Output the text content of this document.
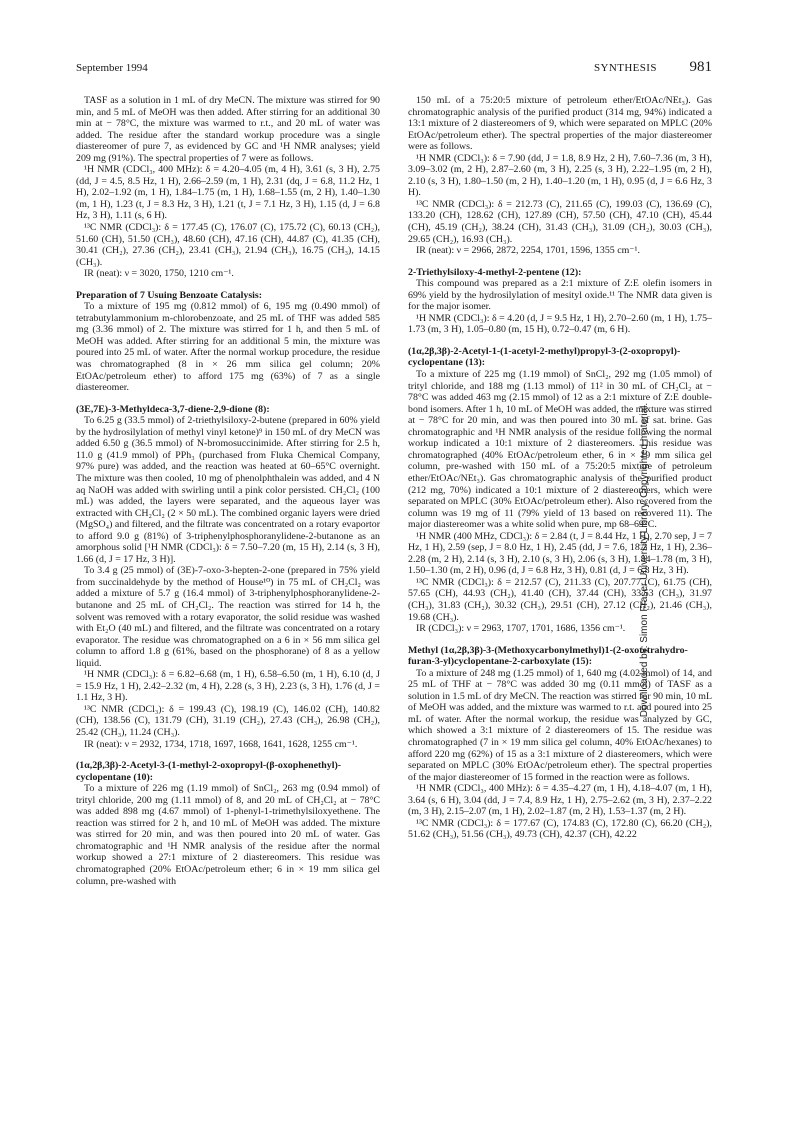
September 1994	SYNTHESIS 981

TASF as a solution in 1 mL of dry MeCN. The mixture was stirred for 90 min, and 5 mL of MeOH was then added. After stirring for an additional 30 min at − 78°C, the mixture was warmed to r.t., and 20 mL of water was added. The residue after the standard workup procedure was a single diastereomer of pure 7, as evidenced by GC and ¹H NMR analyses; yield 209 mg (91%). The spectral properties of 7 were as follows.

¹H NMR (CDCl₃, 400 MHz): δ = 4.20–4.05 (m, 4 H), 3.61 (s, 3 H), 2.75 (dd, J = 4.5, 8.5 Hz, 1 H), 2.66–2.59 (m, 1 H), 2.31 (dq, J = 6.8, 11.2 Hz, 1 H), 2.02–1.92 (m, 1 H), 1.84–1.75 (m, 1 H), 1.68–1.55 (m, 2 H), 1.40–1.30 (m, 1 H), 1.23 (t, J = 8.3 Hz, 3 H), 1.21 (t, J = 7.1 Hz, 3 H), 1.15 (d, J = 6.8 Hz, 3 H), 1.11 (s, 6 H).

¹³C NMR (CDCl₃): δ = 177.45 (C), 176.07 (C), 175.72 (C), 60.13 (CH₂), 51.60 (CH), 51.50 (CH₃), 48.60 (CH), 47.16 (CH), 44.87 (C), 41.35 (CH), 30.41 (CH₂), 27.36 (CH₂), 23.41 (CH₃), 21.94 (CH₃), 16.75 (CH₃), 14.15 (CH₃).

IR (neat): ν = 3020, 1750, 1210 cm⁻¹.

Preparation of 7 Usuing Benzoate Catalysis:

To a mixture of 195 mg (0.812 mmol) of 6, 195 mg (0.490 mmol) of tetrabutylammonium m-chlorobenzoate, and 25 mL of THF was added 585 mg (3.36 mmol) of 2. The mixture was stirred for 1 h, and then 5 mL of MeOH was added. After stirring for an additional 5 min, the mixture was poured into 25 mL of water. After the normal workup procedure, the residue was chromatographed (8 in × 26 mm silica gel column; 20% EtOAc/petroleum ether) to afford 175 mg (63%) of 7 as a single diastereomer.

(3E,7E)-3-Methyldeca-3,7-diene-2,9-dione (8):

To 6.25 g (33.5 mmol) of 2-triethylsiloxy-2-butene (prepared in 60% yield by the hydrosilylation of methyl vinyl ketone)⁹ in 150 mL of dry MeCN was added 6.50 g (36.5 mmol) of N-bromosuccinimide. After stirring for 2.5 h, 11.0 g (41.9 mmol) of PPh₃ (purchased from Fluka Chemical Company, 97% pure) was added, and the reaction was heated at 60–65°C overnight. The mixture was then cooled, 10 mg of phenolphthalein was added, and 4 N aq NaOH was added with swirling until a pink color persisted. CH₂Cl₂ (100 mL) was added, the layers were separated, and the aqueous layer was extracted with CH₂Cl₂ (2 × 50 mL). The combined organic layers were dried (MgSO₄) and filtered, and the filtrate was concentrated on a rotary evaportor to afford 9.0 g (81%) of 3-triphenylphosphoranylidene-2-butanone as an amorphous solid [¹H NMR (CDCl₃): δ = 7.50–7.20 (m, 15 H), 2.14 (s, 3 H), 1.66 (d, J = 17 Hz, 3 H)].

To 3.4 g (25 mmol) of (3E)-7-oxo-3-hepten-2-one (prepared in 75% yield from succinaldehyde by the method of House¹⁰) in 75 mL of CH₂Cl₂ was added a mixture of 5.7 g (16.4 mmol) of 3-triphenylphosphoranylidene-2-butanone and 25 mL of CH₂Cl₂. The reaction was stirred for 14 h, the solvent was removed with a rotary evaporator, the solid residue was washed with Et₂O (40 mL) and filtered, and the filtrate was concentrated on a rotary evaporator. The residue was chromatographed on a 6 in × 56 mm silica gel column to afford 1.8 g (61%, based on the phosphorane) of 8 as a yellow liquid.

¹H NMR (CDCl₃): δ = 6.82–6.68 (m, 1 H), 6.58–6.50 (m, 1 H), 6.10 (d, J = 15.9 Hz, 1 H), 2.42–2.32 (m, 4 H), 2.28 (s, 3 H), 2.23 (s, 3 H), 1.76 (d, J = 1.1 Hz, 3 H).

¹³C NMR (CDCl₃): δ = 199.43 (C), 198.19 (C), 146.02 (CH), 140.82 (CH), 138.56 (C), 131.79 (CH), 31.19 (CH₂), 27.43 (CH₃), 26.98 (CH₂), 25.42 (CH₃), 11.24 (CH₃).

IR (neat): ν = 2932, 1734, 1718, 1697, 1668, 1641, 1628, 1255 cm⁻¹.

(1α,2β,3β)-2-Acetyl-3-(1-methyl-2-oxopropyl-(β-oxophenethyl)-cyclopentane (10):

To a mixture of 226 mg (1.19 mmol) of SnCl₂, 263 mg (0.94 mmol) of trityl chloride, 200 mg (1.11 mmol) of 8, and 20 mL of CH₂Cl₂ at − 78°C was added 898 mg (4.67 mmol) of 1-phenyl-1-trimethylsiloxyethene. The reaction was stirred for 2 h, and 10 mL of MeOH was added. The mixture was stirred for 20 min, and was then poured into 20 mL of water. Gas chromatographic and ¹H NMR analysis of the residue after the normal workup showed a 27:1 mixture of 2 diastereomers. This residue was chromatographed (20% EtOAc/petroleum ether; 6 in × 19 mm silica gel column, pre-washed with

150 mL of a 75:20:5 mixture of petroleum ether/EtOAc/NEt₃). Gas chromatographic analysis of the purified product (314 mg, 94%) indicated a 13:1 mixture of 2 diastereomers of 9, which were separated on MPLC (20% EtOAc/petroleum ether). The spectral properties of the major diastereomer were as follows.

¹H NMR (CDCl₃): δ = 7.90 (dd, J = 1.8, 8.9 Hz, 2 H), 7.60–7.36 (m, 3 H), 3.09–3.02 (m, 2 H), 2.87–2.60 (m, 3 H), 2.25 (s, 3 H), 2.22–1.95 (m, 2 H), 2.10 (s, 3 H), 1.80–1.50 (m, 2 H), 1.40–1.20 (m, 1 H), 0.95 (d, J = 6.6 Hz, 3 H).

¹³C NMR (CDCl₃): δ = 212.73 (C), 211.65 (C), 199.03 (C), 136.69 (C), 133.20 (CH), 128.62 (CH), 127.89 (CH), 57.50 (CH), 47.10 (CH), 45.44 (CH), 45.19 (CH₂), 38.24 (CH), 31.43 (CH₃), 31.09 (CH₂), 30.03 (CH₃), 29.65 (CH₂), 16.93 (CH₃).

IR (neat): ν = 2966, 2872, 2254, 1701, 1596, 1355 cm⁻¹.

2-Triethylsiloxy-4-methyl-2-pentene (12):

This compound was prepared as a 2:1 mixture of Z:E olefin isomers in 69% yield by the hydrosilylation of mesityl oxide.¹¹ The NMR data given is for the major isomer.

¹H NMR (CDCl₃): δ = 4.20 (d, J = 9.5 Hz, 1 H), 2.70–2.60 (m, 1 H), 1.75–1.73 (m, 3 H), 1.05–0.80 (m, 15 H), 0.72–0.47 (m, 6 H).

(1α,2β,3β)-2-Acetyl-1-(1-acetyl-2-methyl)propyl-3-(2-oxopropyl)-cyclopentane (13):

To a mixture of 225 mg (1.19 mmol) of SnCl₂, 292 mg (1.05 mmol) of trityl chloride, and 188 mg (1.13 mmol) of 11² in 30 mL of CH₂Cl₂ at − 78°C was added 463 mg (2.15 mmol) of 12 as a 2:1 mixture of Z:E double-bond isomers. After 1 h, 10 mL of MeOH was added, the mixture was stirred at − 78°C for 20 min, and was then poured into 30 mL of sat. brine. Gas chromatographic and ¹H NMR analysis of the residue following the normal workup indicated a 10:1 mixture of 2 diastereomers. This residue was chromatographed (40% EtOAc/petroleum ether, 6 in × 19 mm silica gel column, pre-washed with 150 mL of a 75:20:5 mixture of petroleum ether/EtOAc/NEt₃). Gas chromatographic analysis of the purified product (212 mg, 70%) indicated a 10:1 mixture of 2 diastereomers, which were separated on MPLC (30% EtOAc/petroleum ether). Also recovered from the column was 19 mg of 11 (79% yield of 13 based on recovered 11). The major diastereomer was a white solid when pure, mp 68–69°C.

¹H NMR (400 MHz, CDCl₃): δ = 2.84 (t, J = 8.44 Hz, 1 H), 2.70 sep, J = 7 Hz, 1 H), 2.59 (sep, J = 8.0 Hz, 1 H), 2.45 (dd, J = 7.6, 18.2 Hz, 1 H), 2.36–2.28 (m, 2 H), 2.14 (s, 3 H), 2.10 (s, 3 H), 2.06 (s, 3 H), 1.84–1.78 (m, 3 H), 1.50–1.30 (m, 2 H), 0.96 (d, J = 6.8 Hz, 3 H), 0.81 (d, J = 6.8 Hz, 3 H).

¹³C NMR (CDCl₃): δ = 212.57 (C), 211.33 (C), 207.77 (C), 61.75 (CH), 57.65 (CH), 44.93 (CH₂), 41.40 (CH), 37.44 (CH), 33.53 (CH₃), 31.97 (CH₃), 31.83 (CH₂), 30.32 (CH₃), 29.51 (CH), 27.12 (CH₂), 21.46 (CH₃), 19.68 (CH₃).

IR (CDCl₃): ν = 2963, 1707, 1701, 1686, 1356 cm⁻¹.

Methyl (1α,2β,3β)-3-(Methoxycarbonylmethyl)1-(2-oxotetrahydro-furan-3-yl)cyclopentane-2-carboxylate (15):

To a mixture of 248 mg (1.25 mmol) of 1, 640 mg (4.02 mmol) of 14, and 25 mL of THF at − 78°C was added 30 mg (0.11 mmol) of TASF as a solution in 1.5 mL of dry MeCN. The reaction was stirred for 90 min, 10 mL of MeOH was added, and the mixture was warmed to r.t. and poured into 25 mL of water. After the normal workup, the residue was analyzed by GC, which showed a 3:1 mixture of 2 diastereomers of 15. The residue was chromatographed (7 in × 19 mm silica gel column, 40% EtOAc/hexanes) to afford 220 mg (62%) of 15 as a 3:1 mixture of 2 diastereomers, which were separated on MPLC (30% EtOAc/petroleum ether). The spectral properties of the major diastereomer of 15 formed in the reaction were as follows.

¹H NMR (CDCl₃, 400 MHz): δ = 4.35–4.27 (m, 1 H), 4.18–4.07 (m, 1 H), 3.64 (s, 6 H), 3.04 (dd, J = 7.4, 8.9 Hz, 1 H), 2.75–2.62 (m, 3 H), 2.37–2.22 (m, 3 H), 2.15–2.07 (m, 1 H), 2.02–1.87 (m, 2 H), 1.53–1.37 (m, 2 H).

¹³C NMR (CDCl₃): δ = 177.67 (C), 174.83 (C), 172.80 (C), 66.20 (CH₂), 51.62 (CH₃), 51.56 (CH₃), 49.73 (CH), 42.37 (CH), 42.22

Downloaded by: Simon Fraser University Library. Copyrighted material.
